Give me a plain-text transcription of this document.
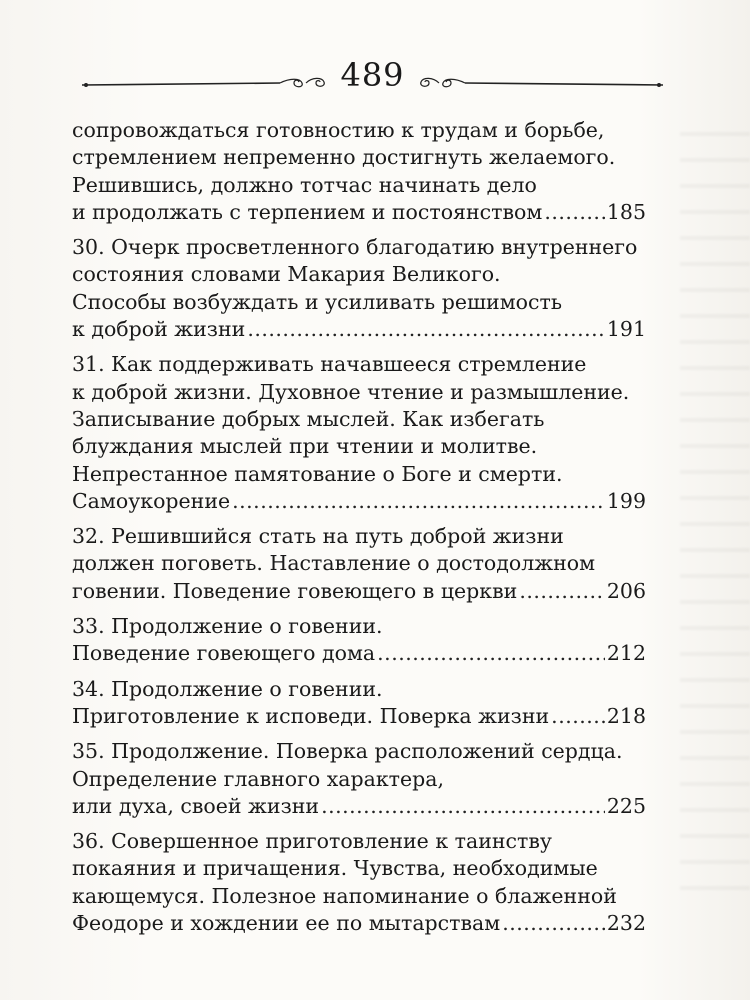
489
сопровождаться готовностию к трудам и борьбе,
стремлением непременно достигнуть желаемого.
Решившись, должно тотчас начинать дело
и продолжать с терпением и постоянством .....	185
30. Очерк просветленного благодатию внутреннего
состояния словами Макария Великого.
Способы возбуждать и усиливать решимость
к доброй жизни .....	191
31. Как поддерживать начавшееся стремление
к доброй жизни. Духовное чтение и размышление.
Записывание добрых мыслей. Как избегать
блуждания мыслей при чтении и молитве.
Непрестанное памятование о Боге и смерти.
Самоукорение .....	199
32. Решившийся стать на путь доброй жизни
должен поговеть. Наставление о достодолжном
говении. Поведение говеющего в церкви .....	206
33. Продолжение о говении.
Поведение говеющего дома .....	212
34. Продолжение о говении.
Приготовление к исповеди. Поверка жизни .....	218
35. Продолжение. Поверка расположений сердца.
Определение главного характера,
или духа, своей жизни .....	225
36. Совершенное приготовление к таинству
покаяния и причащения. Чувства, необходимые
кающемуся. Полезное напоминание о блаженной
Феодоре и хождении ее по мытарствам .....	232
